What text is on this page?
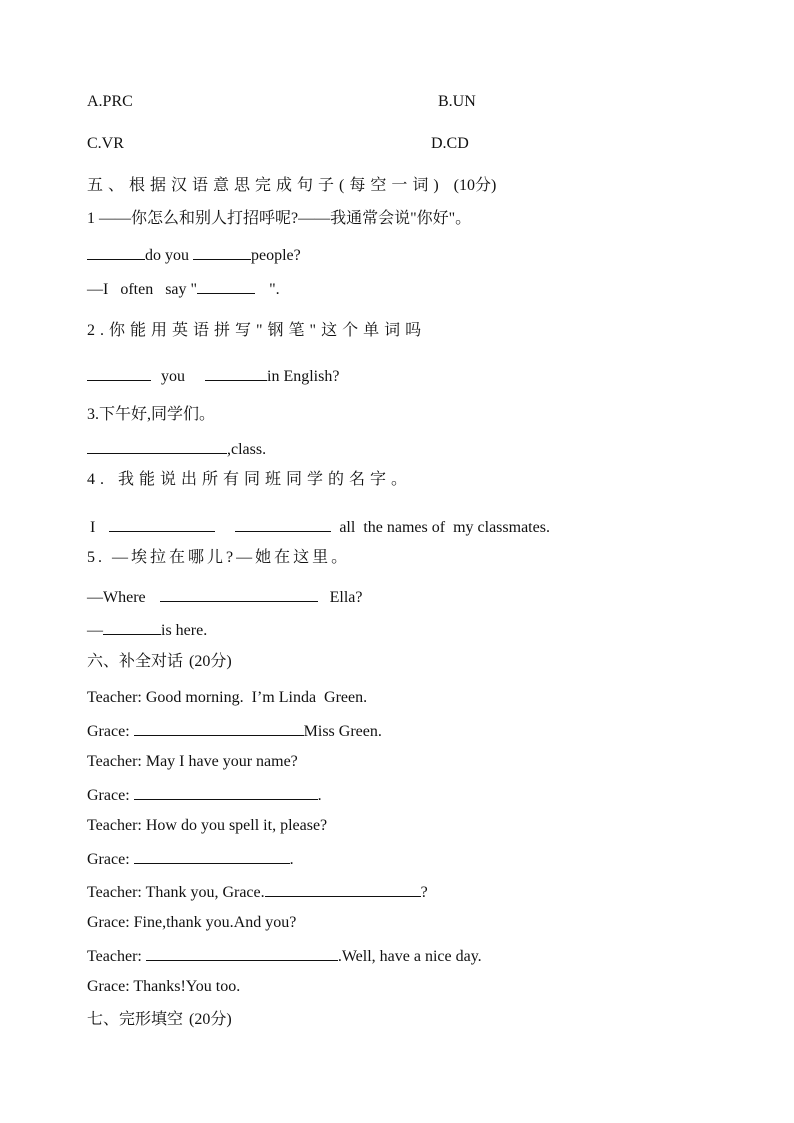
A.PRC	B.UN
C.VR	D.CD
五、根据汉语意思完成句子(每空一词) (10分)
1 ——你怎么和别人打招呼呢?——我通常会说"你好"。
do you	people?
—I   often   say "	".
2.你能用英语拼写"钢笔"这个单词吗
you	in English?
3.下午好,同学们。
,class.
4. 我能说出所有同班同学的名字。
I	all  the names of  my classmates.
5. —埃拉在哪儿?—她在这里。
—Where	Ella?
—	is here.
六、补全对话 (20分)
Teacher: Good morning.  I’m Linda  Green.
Grace:	Miss Green.
Teacher: May I have your name?
Grace:	.
Teacher: How do you spell it, please?
Grace:	.
Teacher: Thank you, Grace.	?
Grace: Fine,thank you.And you?
Teacher:	.Well, have a nice day.
Grace: Thanks!You too.
七、完形填空 (20分)
